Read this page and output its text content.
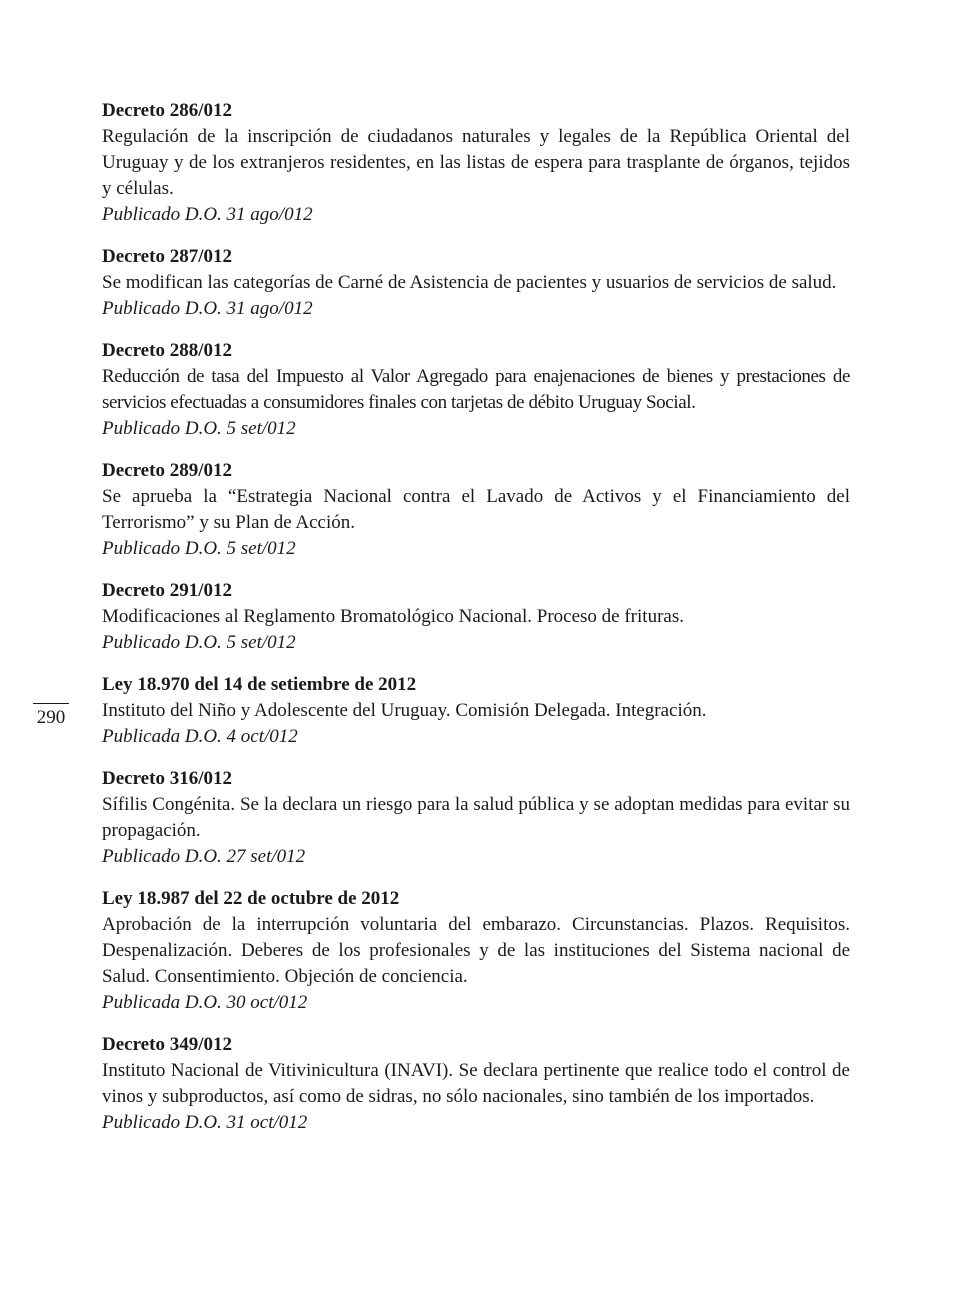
290

Decreto 286/012

Regulación de la inscripción de ciudadanos naturales y legales de la República Oriental del Uruguay y de los extranjeros residentes, en las listas de espera para trasplante de órganos, tejidos y células.

Publicado D.O. 31 ago/012

Decreto 287/012

Se modifican las categorías de Carné de Asistencia de pacientes y usuarios de servicios de salud.

Publicado D.O. 31 ago/012

Decreto 288/012

Reducción de tasa del Impuesto al Valor Agregado para enajenaciones de bienes y prestaciones de servicios efectuadas a consumidores finales con tarjetas de débito Uruguay Social.

Publicado D.O. 5 set/012

Decreto 289/012

Se aprueba la “Estrategia Nacional contra el Lavado de Activos y el Financiamiento del Terrorismo” y su Plan de Acción.

Publicado D.O. 5 set/012

Decreto 291/012

Modificaciones al Reglamento Bromatológico Nacional. Proceso de frituras.

Publicado D.O. 5 set/012

Ley 18.970 del 14 de setiembre de 2012

Instituto del Niño y Adolescente del Uruguay. Comisión Delegada. Integración.

Publicada D.O. 4 oct/012

Decreto 316/012

Sífilis Congénita. Se la declara un riesgo para la salud pública y se adoptan medidas para evitar su propagación.

Publicado D.O. 27 set/012

Ley 18.987 del 22 de octubre de 2012

Aprobación de la interrupción voluntaria del embarazo. Circunstancias. Plazos. Requisitos. Despenalización. Deberes de los profesionales y de las instituciones del Sistema nacional de Salud. Consentimiento. Objeción de conciencia.

Publicada D.O. 30 oct/012

Decreto 349/012

Instituto Nacional de Vitivinicultura (INAVI). Se declara pertinente que realice todo el control de vinos y subproductos, así como de sidras, no sólo nacionales, sino también de los importados.

Publicado D.O. 31 oct/012
